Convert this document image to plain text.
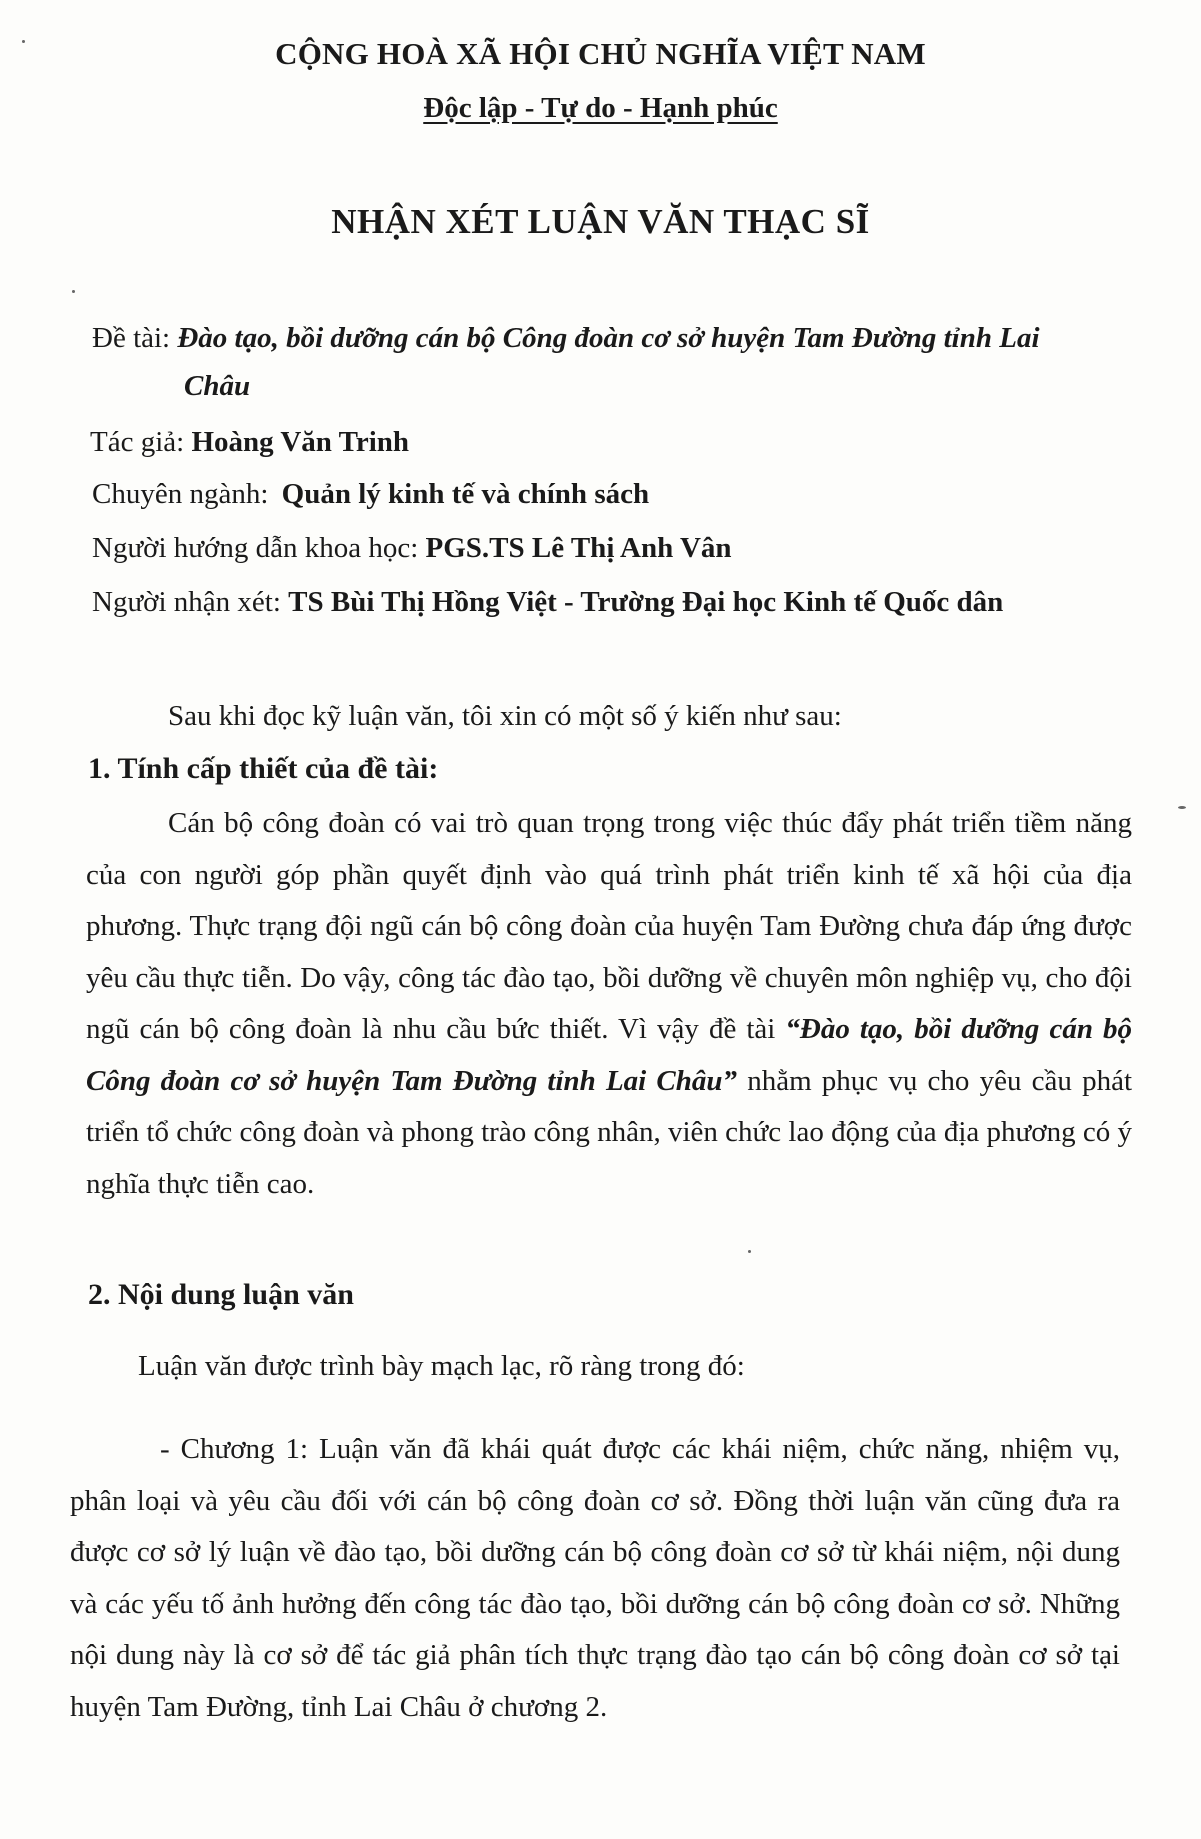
CỘNG HOÀ XÃ HỘI CHỦ NGHĨA VIỆT NAM
Độc lập - Tự do - Hạnh phúc
NHẬN XÉT LUẬN VĂN THẠC SĨ
Đề tài: Đào tạo, bồi dưỡng cán bộ Công đoàn cơ sở huyện Tam Đường tỉnh Lai
Châu
Tác giả: Hoàng Văn Trinh
Chuyên ngành: Quản lý kinh tế và chính sách
Người hướng dẫn khoa học: PGS.TS Lê Thị Anh Vân
Người nhận xét: TS Bùi Thị Hồng Việt - Trường Đại học Kinh tế Quốc dân
Sau khi đọc kỹ luận văn, tôi xin có một số ý kiến như sau:
1. Tính cấp thiết của đề tài:
Cán bộ công đoàn có vai trò quan trọng trong việc thúc đẩy phát triển tiềm năng của con người góp phần quyết định vào quá trình phát triển kinh tế xã hội của địa phương. Thực trạng đội ngũ cán bộ công đoàn của huyện Tam Đường chưa đáp ứng được yêu cầu thực tiễn. Do vậy, công tác đào tạo, bồi dưỡng về chuyên môn nghiệp vụ, cho đội ngũ cán bộ công đoàn là nhu cầu bức thiết. Vì vậy đề tài “Đào tạo, bồi dưỡng cán bộ Công đoàn cơ sở huyện Tam Đường tỉnh Lai Châu” nhằm phục vụ cho yêu cầu phát triển tổ chức công đoàn và phong trào công nhân, viên chức lao động của địa phương có ý nghĩa thực tiễn cao.
2. Nội dung luận văn
Luận văn được trình bày mạch lạc, rõ ràng trong đó:
- Chương 1: Luận văn đã khái quát được các khái niệm, chức năng, nhiệm vụ, phân loại và yêu cầu đối với cán bộ công đoàn cơ sở. Đồng thời luận văn cũng đưa ra được cơ sở lý luận về đào tạo, bồi dưỡng cán bộ công đoàn cơ sở từ khái niệm, nội dung và các yếu tố ảnh hưởng đến công tác đào tạo, bồi dưỡng cán bộ công đoàn cơ sở. Những nội dung này là cơ sở để tác giả phân tích thực trạng đào tạo cán bộ công đoàn cơ sở tại huyện Tam Đường, tỉnh Lai Châu ở chương 2.
